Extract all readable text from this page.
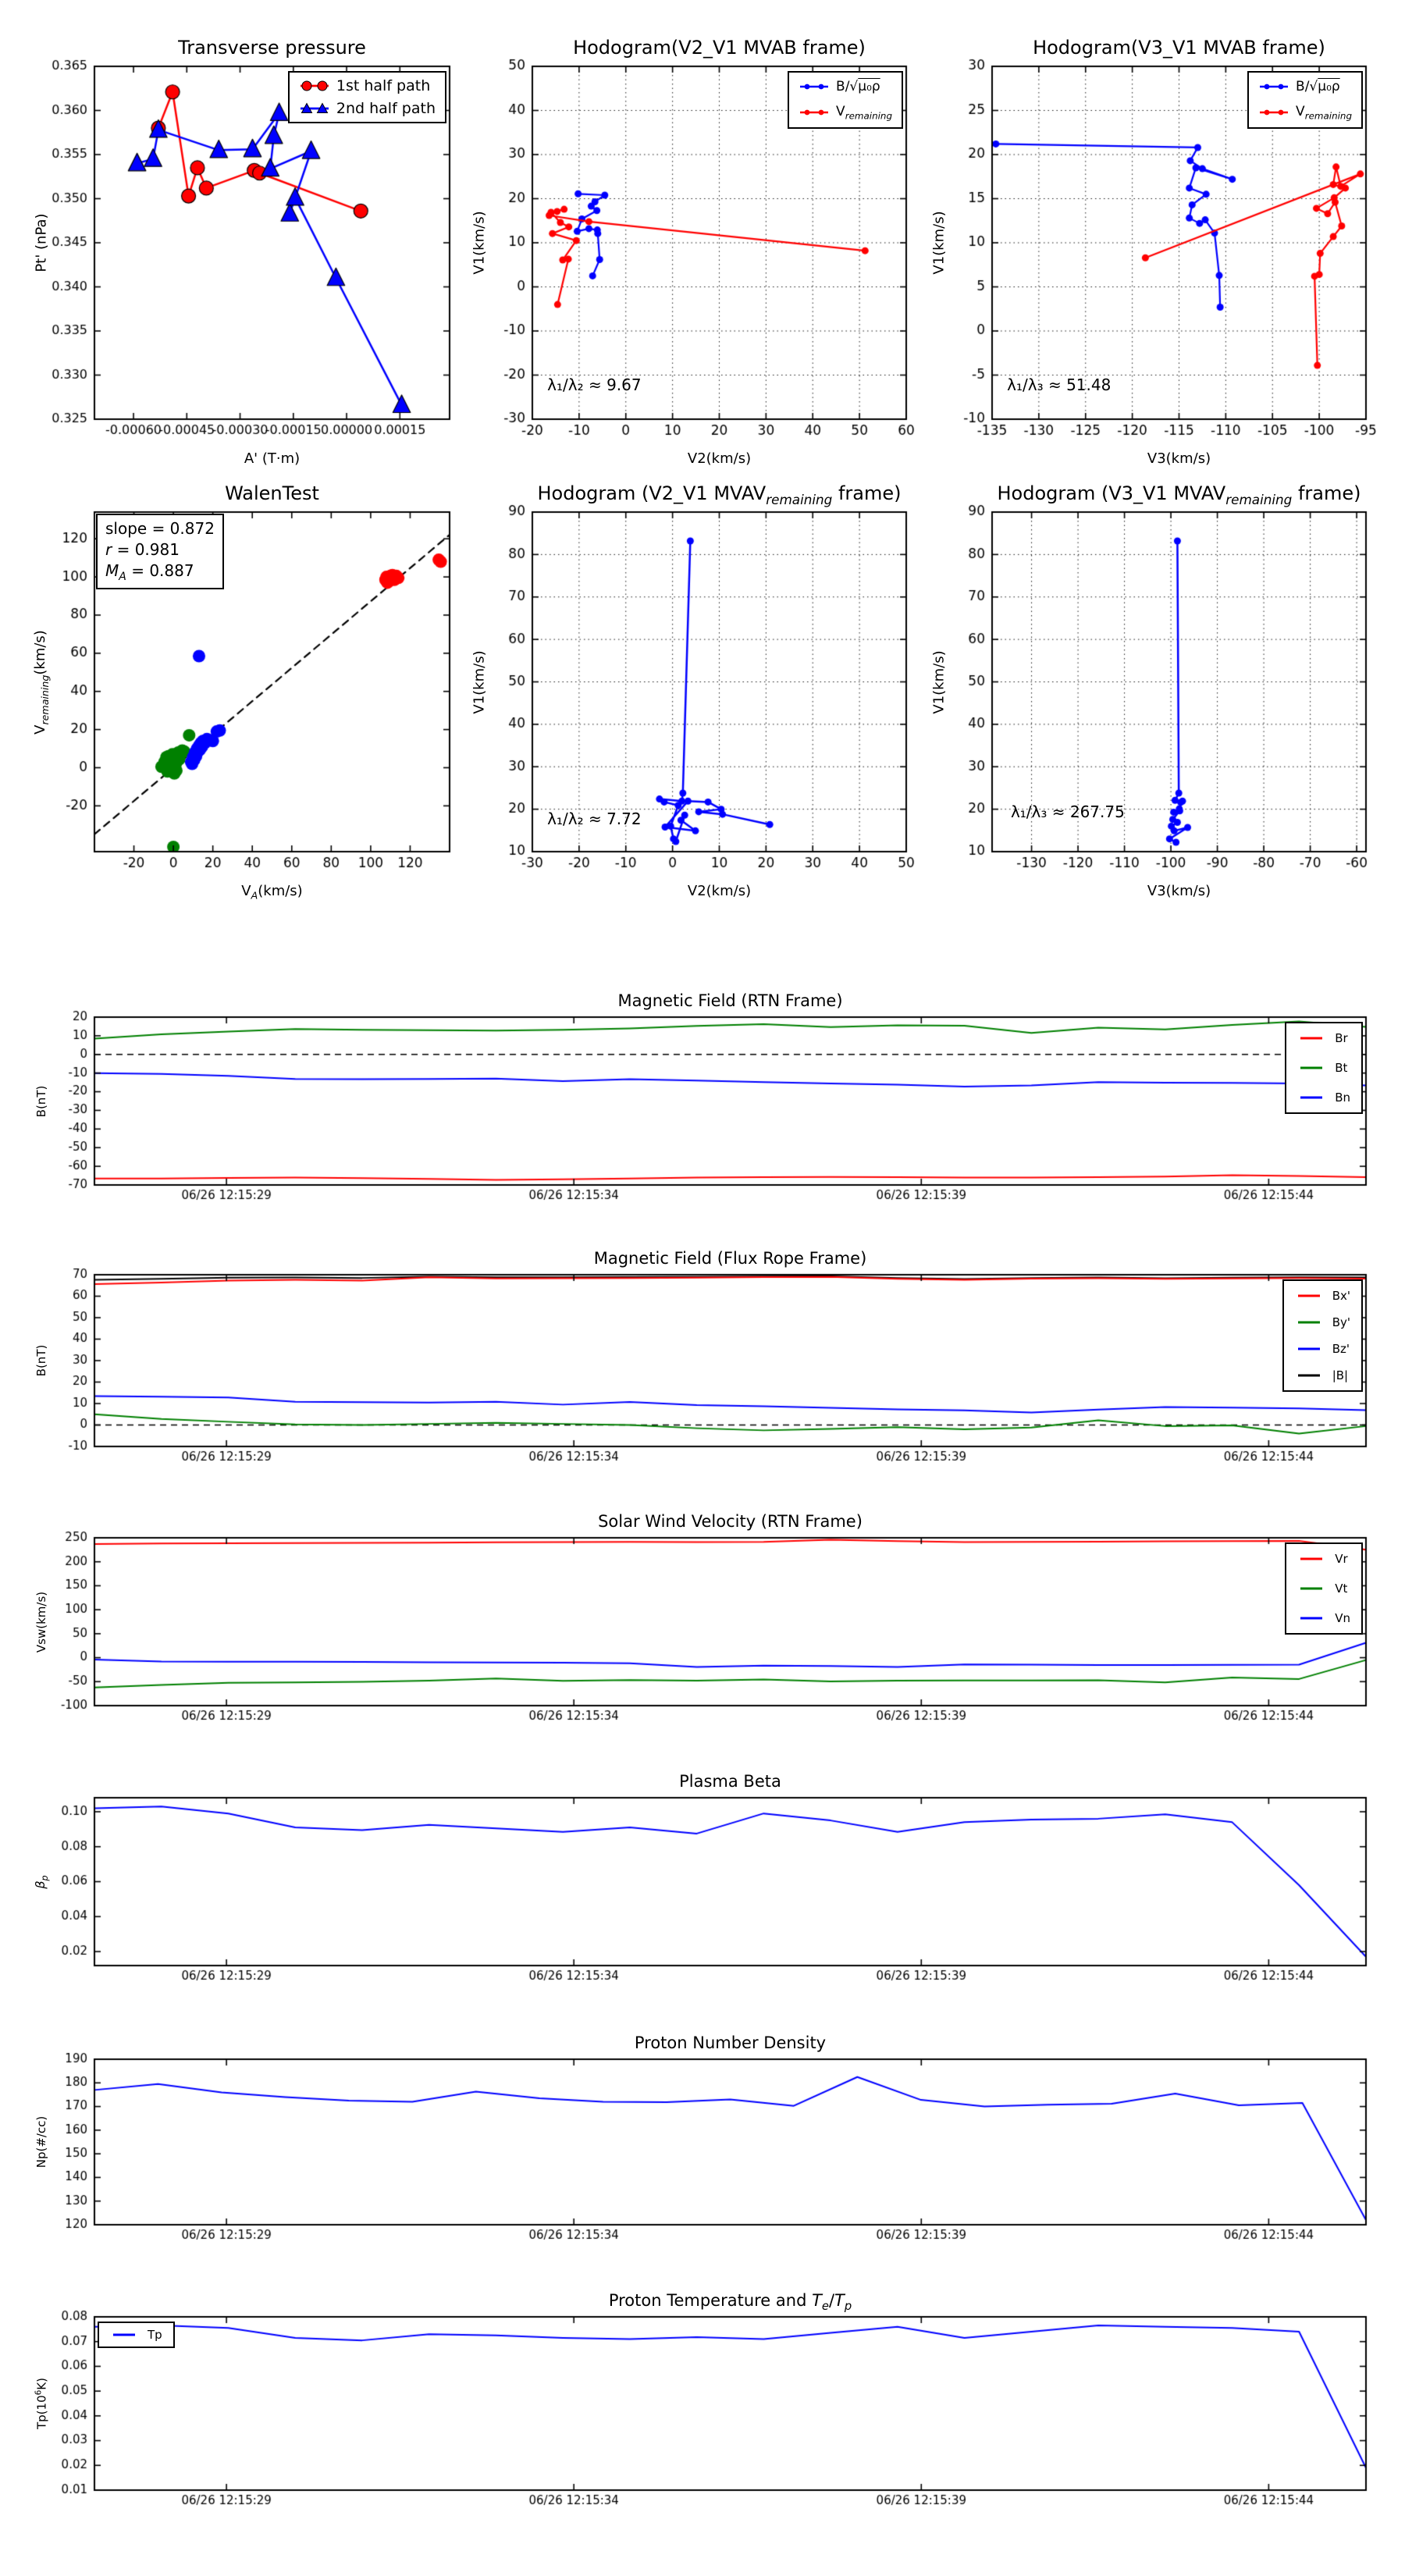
Transverse pressure
A' (T·m)
Pt' (nPa)
1st half path
2nd half path
Hodogram(V2_V1 MVAB frame)
V2(km/s)
V1(km/s)
λ₁/λ₂ ≈ 9.67
B/√μ₀ρ
$V_{remaining}$
Hodogram(V3_V1 MVAB frame)
V3(km/s)
V1(km/s)
λ₁/λ₃ ≈ 51.48
B/√μ₀ρ
$V_{remaining}$
WalenTest
$V_A(km/s)$
$V_{remaining}(km/s)$
slope = 0.872
r = 0.981
$M_A = 0.887$
Hodogram (V2_V1 $MVAV_{remaining}$ frame)
V2(km/s)
V1(km/s)
λ₁/λ₂ ≈ 7.72
Hodogram (V3_V1 $MVAV_{remaining}$ frame)
V3(km/s)
V1(km/s)
λ₁/λ₃ ≈ 267.75
Magnetic Field (RTN Frame)
B(nT)
Br
Bt
Bn
Magnetic Field (Flux Rope Frame)
B(nT)
Bx'
By'
Bz'
|B|
Solar Wind Velocity (RTN Frame)
Vsw(km/s)
Vr
Vt
Vn
Plasma Beta
$\beta_p$
Proton Number Density
Np(#/cc)
Proton Temperature and $T_e/T_p$
$Tp(10^6K)$
Tp
